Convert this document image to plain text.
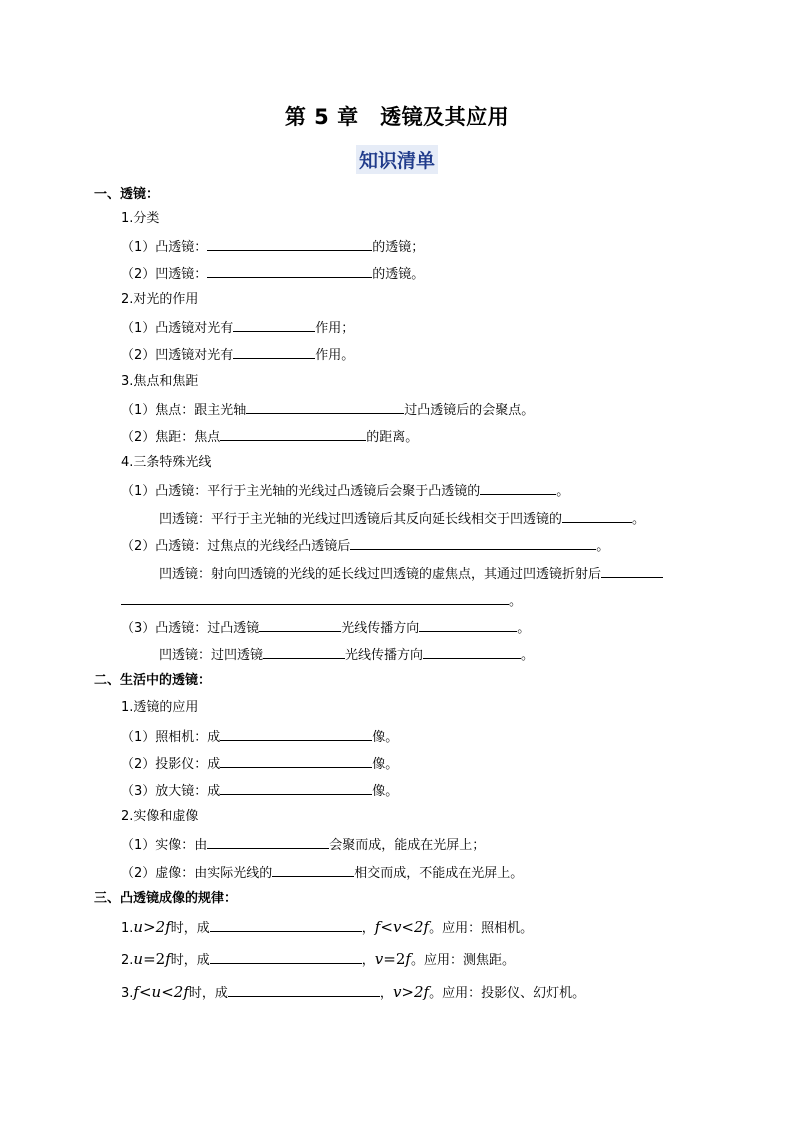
第 5 章　透镜及其应用
知识清单
一、透镜：
1.分类
（1）凸透镜：	的透镜；
（2）凹透镜：	的透镜。
2.对光的作用
（1）凸透镜对光有	作用；
（2）凹透镜对光有	作用。
3.焦点和焦距
（1）焦点：跟主光轴	过凸透镜后的会聚点。
（2）焦距：焦点	的距离。
4.三条特殊光线
（1）凸透镜：平行于主光轴的光线过凸透镜后会聚于凸透镜的	。
凹透镜：平行于主光轴的光线过凹透镜后其反向延长线相交于凹透镜的	。
（2）凸透镜：过焦点的光线经凸透镜后	。
凹透镜：射向凹透镜的光线的延长线过凹透镜的虚焦点，其通过凹透镜折射后
。
（3）凸透镜：过凸透镜	光线传播方向	。
凹透镜：过凹透镜	光线传播方向	。
二、生活中的透镜：
1.透镜的应用
（1）照相机：成	像。
（2）投影仪：成	像。
（3）放大镜：成	像。
2.实像和虚像
（1）实像：由	会聚而成，能成在光屏上；
（2）虚像：由实际光线的	相交而成，不能成在光屏上。
三、凸透镜成像的规律：
1.u>2f时，成	，f<v<2f。应用：照相机。
2.u=2f时，成	，v=2f。应用：测焦距。
3.f<u<2f时，成	，v>2f。应用：投影仪、幻灯机。
